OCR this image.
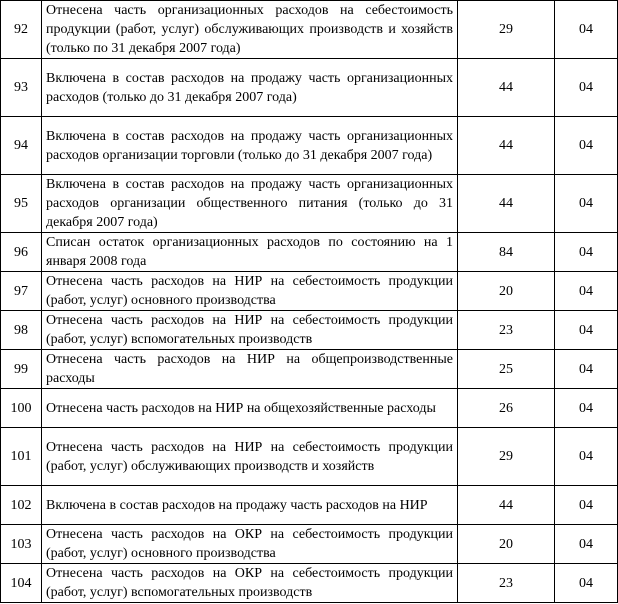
92	Отнесена часть организационных расходов на себестоимость продукции (работ, услуг) обслуживающих производств и хозяйств (только по 31 декабря 2007 года)	29	04
93	Включена в состав расходов на продажу часть организационных расходов (только до 31 декабря 2007 года)	44	04
94	Включена в состав расходов на продажу часть организационных расходов организации торговли (только до 31 декабря 2007 года)	44	04
95	Включена в состав расходов на продажу часть организационных расходов организации общественного питания (только до 31 декабря 2007 года)	44	04
96	Списан остаток организационных расходов по состоянию на 1 января 2008 года	84	04
97	Отнесена часть расходов на НИР на себестоимость продукции (работ, услуг) основного производства	20	04
98	Отнесена часть расходов на НИР на себестоимость продукции (работ, услуг) вспомогательных производств	23	04
99	Отнесена часть расходов на НИР на общепроизводственные расходы	25	04
100	Отнесена часть расходов на НИР на общехозяйственные расходы	26	04
101	Отнесена часть расходов на НИР на себестоимость продукции (работ, услуг) обслуживающих производств и хозяйств	29	04
102	Включена в состав расходов на продажу часть расходов на НИР	44	04
103	Отнесена часть расходов на ОКР на себестоимость продукции (работ, услуг) основного производства	20	04
104	Отнесена часть расходов на ОКР на себестоимость продукции (работ, услуг) вспомогательных производств	23	04
